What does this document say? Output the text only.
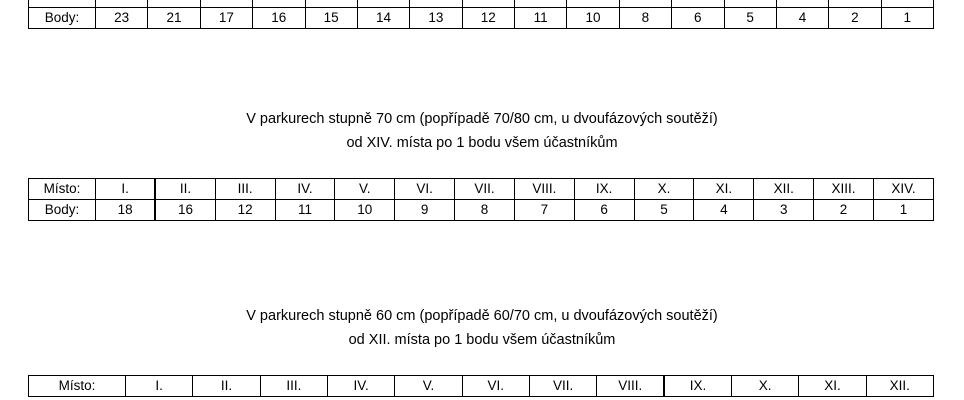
Body:	23	21	17	16	15	14	13	12	11	10	8	6	5	4	2	1
V parkurech stupně 70 cm (popřípadě 70/80 cm, u dvoufázových soutěží)
od XIV. místa po 1 bodu všem účastníkům
Místo:	I.	II.	III.	IV.	V.	VI.	VII.	VIII.	IX.	X.	XI.	XII.	XIII.	XIV.
Body:	18	16	12	11	10	9	8	7	6	5	4	3	2	1
V parkurech stupně 60 cm (popřípadě 60/70 cm, u dvoufázových soutěží)
od XII. místa po 1 bodu všem účastníkům
Místo:	I.	II.	III.	IV.	V.	VI.	VII.	VIII.	IX.	X.	XI.	XII.
